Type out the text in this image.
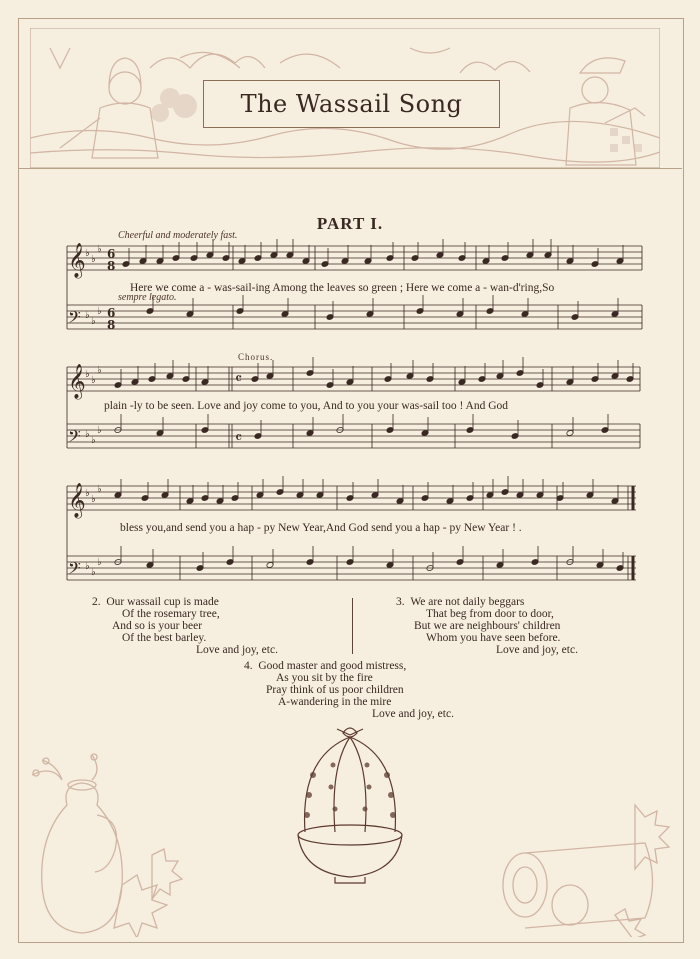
The Wassail Song
PART I.
Cheerful and moderately fast.
sempre legato.
Chorus.
𝄞
𝄞
𝄞
𝄢
𝄢
𝄢
♭
♭
♭
♭
♭
♭
♭
♭
♭
♭
♭
♭
♭
♭
♭
♭
♭
♭
6
8
6
8
𝄴
𝄴
Here we come a - was-sail-ing Among the leaves so green ; Here we come a - wan-d'ring,So
plain -ly to be seen. Love and joy come to you, And to you your was-sail too ! And God
bless you,and send you a hap - py New Year,And God send you a hap - py New Year ! .
2. Our wassail cup is made
Of the rosemary tree,
And so is your beer
Of the best barley.
Love and joy, etc.
3. We are not daily beggars
That beg from door to door,
But we are neighbours' children
Whom you have seen before.
Love and joy, etc.
4. Good master and good mistress,
As you sit by the fire
Pray think of us poor children
A-wandering in the mire
Love and joy, etc.
